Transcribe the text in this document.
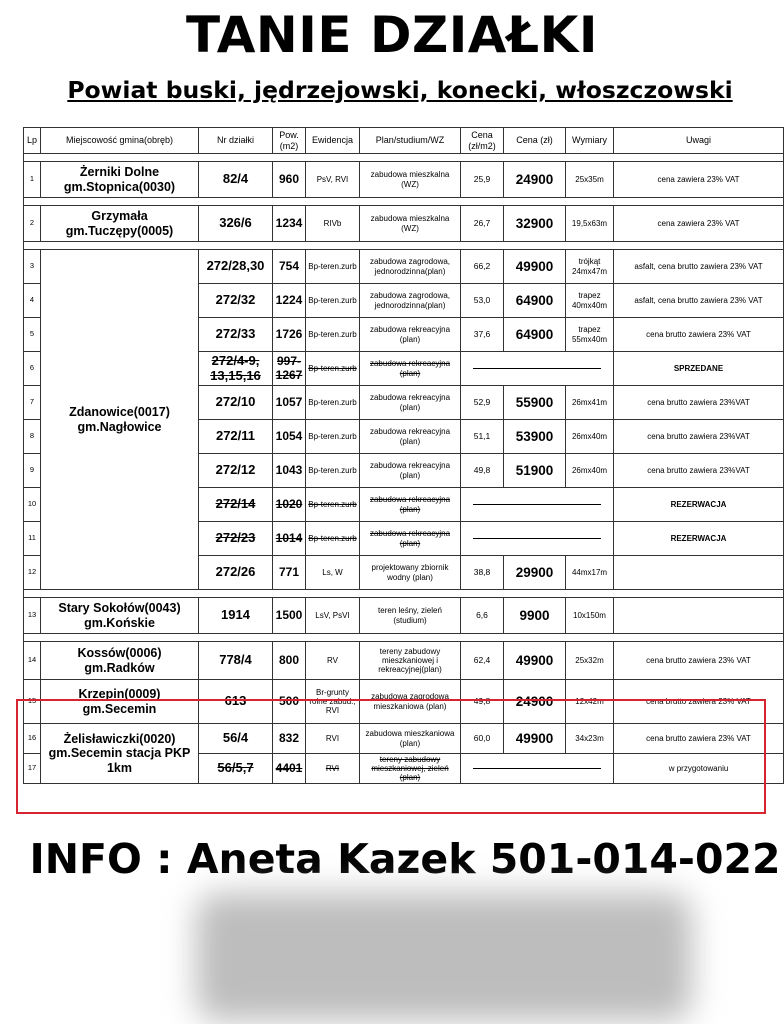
TANIE DZIAŁKI
Powiat buski, jędrzejowski, konecki, włoszczowski
Lp	Miejscowość gmina(obręb)	Nr działki	Pow. (m2)	Ewidencja	Plan/studium/WZ	Cena (zł/m2)	Cena (zł)	Wymiary	Uwagi

1	Żerniki Dolne gm.Stopnica(0030)	82/4	960	PsV, RVI	zabudowa mieszkalna (WZ)	25,9	24900	25x35m	cena zawiera 23% VAT

2	Grzymała gm.Tuczępy(0005)	326/6	1234	RIVb	zabudowa mieszkalna (WZ)	26,7	32900	19,5x63m	cena zawiera 23% VAT

3	Zdanowice(0017) gm.Nagłowice	272/28,30	754	Bp-teren.zurb	zabudowa zagrodowa, jednorodzinna(plan)	66,2	49900	trójkąt 24mx47m	asfalt, cena brutto zawiera 23% VAT
4		272/32	1224	Bp-teren.zurb	zabudowa zagrodowa, jednorodzinna(plan)	53,0	64900	trapez 40mx40m	asfalt, cena brutto zawiera 23% VAT
5		272/33	1726	Bp-teren.zurb	zabudowa rekreacyjna (plan)	37,6	64900	trapez 55mx40m	cena brutto zawiera 23% VAT
6		272/4-9, 13,15,16	997-1267	Bp-teren.zurb	zabudowa rekreacyjna (plan)				SPRZEDANE
7		272/10	1057	Bp-teren.zurb	zabudowa rekreacyjna (plan)	52,9	55900	26mx41m	cena brutto zawiera 23%VAT
8		272/11	1054	Bp-teren.zurb	zabudowa rekreacyjna (plan)	51,1	53900	26mx40m	cena brutto zawiera 23%VAT
9		272/12	1043	Bp-teren.zurb	zabudowa rekreacyjna (plan)	49,8	51900	26mx40m	cena brutto zawiera 23%VAT
10		272/14	1020	Bp-teren.zurb	zabudowa rekreacyjna (plan)				REZERWACJA
11		272/23	1014	Bp-teren.zurb	zabudowa rekreacyjna (plan)				REZERWACJA
12		272/26	771	Ls, W	projektowany zbiornik wodny (plan)	38,8	29900	44mx17m	

13	Stary Sokołów(0043) gm.Końskie	1914	1500	LsV, PsVI	teren leśny, zieleń (studium)	6,6	9900	10x150m	

14	Kossów(0006) gm.Radków	778/4	800	RV	tereny zabudowy mieszkaniowej i rekreacyjnej(plan)	62,4	49900	25x32m	cena brutto zawiera 23% VAT
15	Krzepin(0009) gm.Secemin	613	500	Br-grunty rolne zabud., RVI	zabudowa zagrodowa mieszkaniowa (plan)	49,8	24900	12x42m	cena brutto zawiera 23% VAT
16	Żelisławiczki(0020) gm.Secemin stacja PKP 1km	56/4	832	RVI	zabudowa mieszkaniowa (plan)	60,0	49900	34x23m	cena brutto zawiera 23% VAT
17		56/5,7	4401	RVI	tereny zabudowy mieszkaniowej, zieleń (plan)				w przygotowaniu
INFO : Aneta Kazek 501-014-022
